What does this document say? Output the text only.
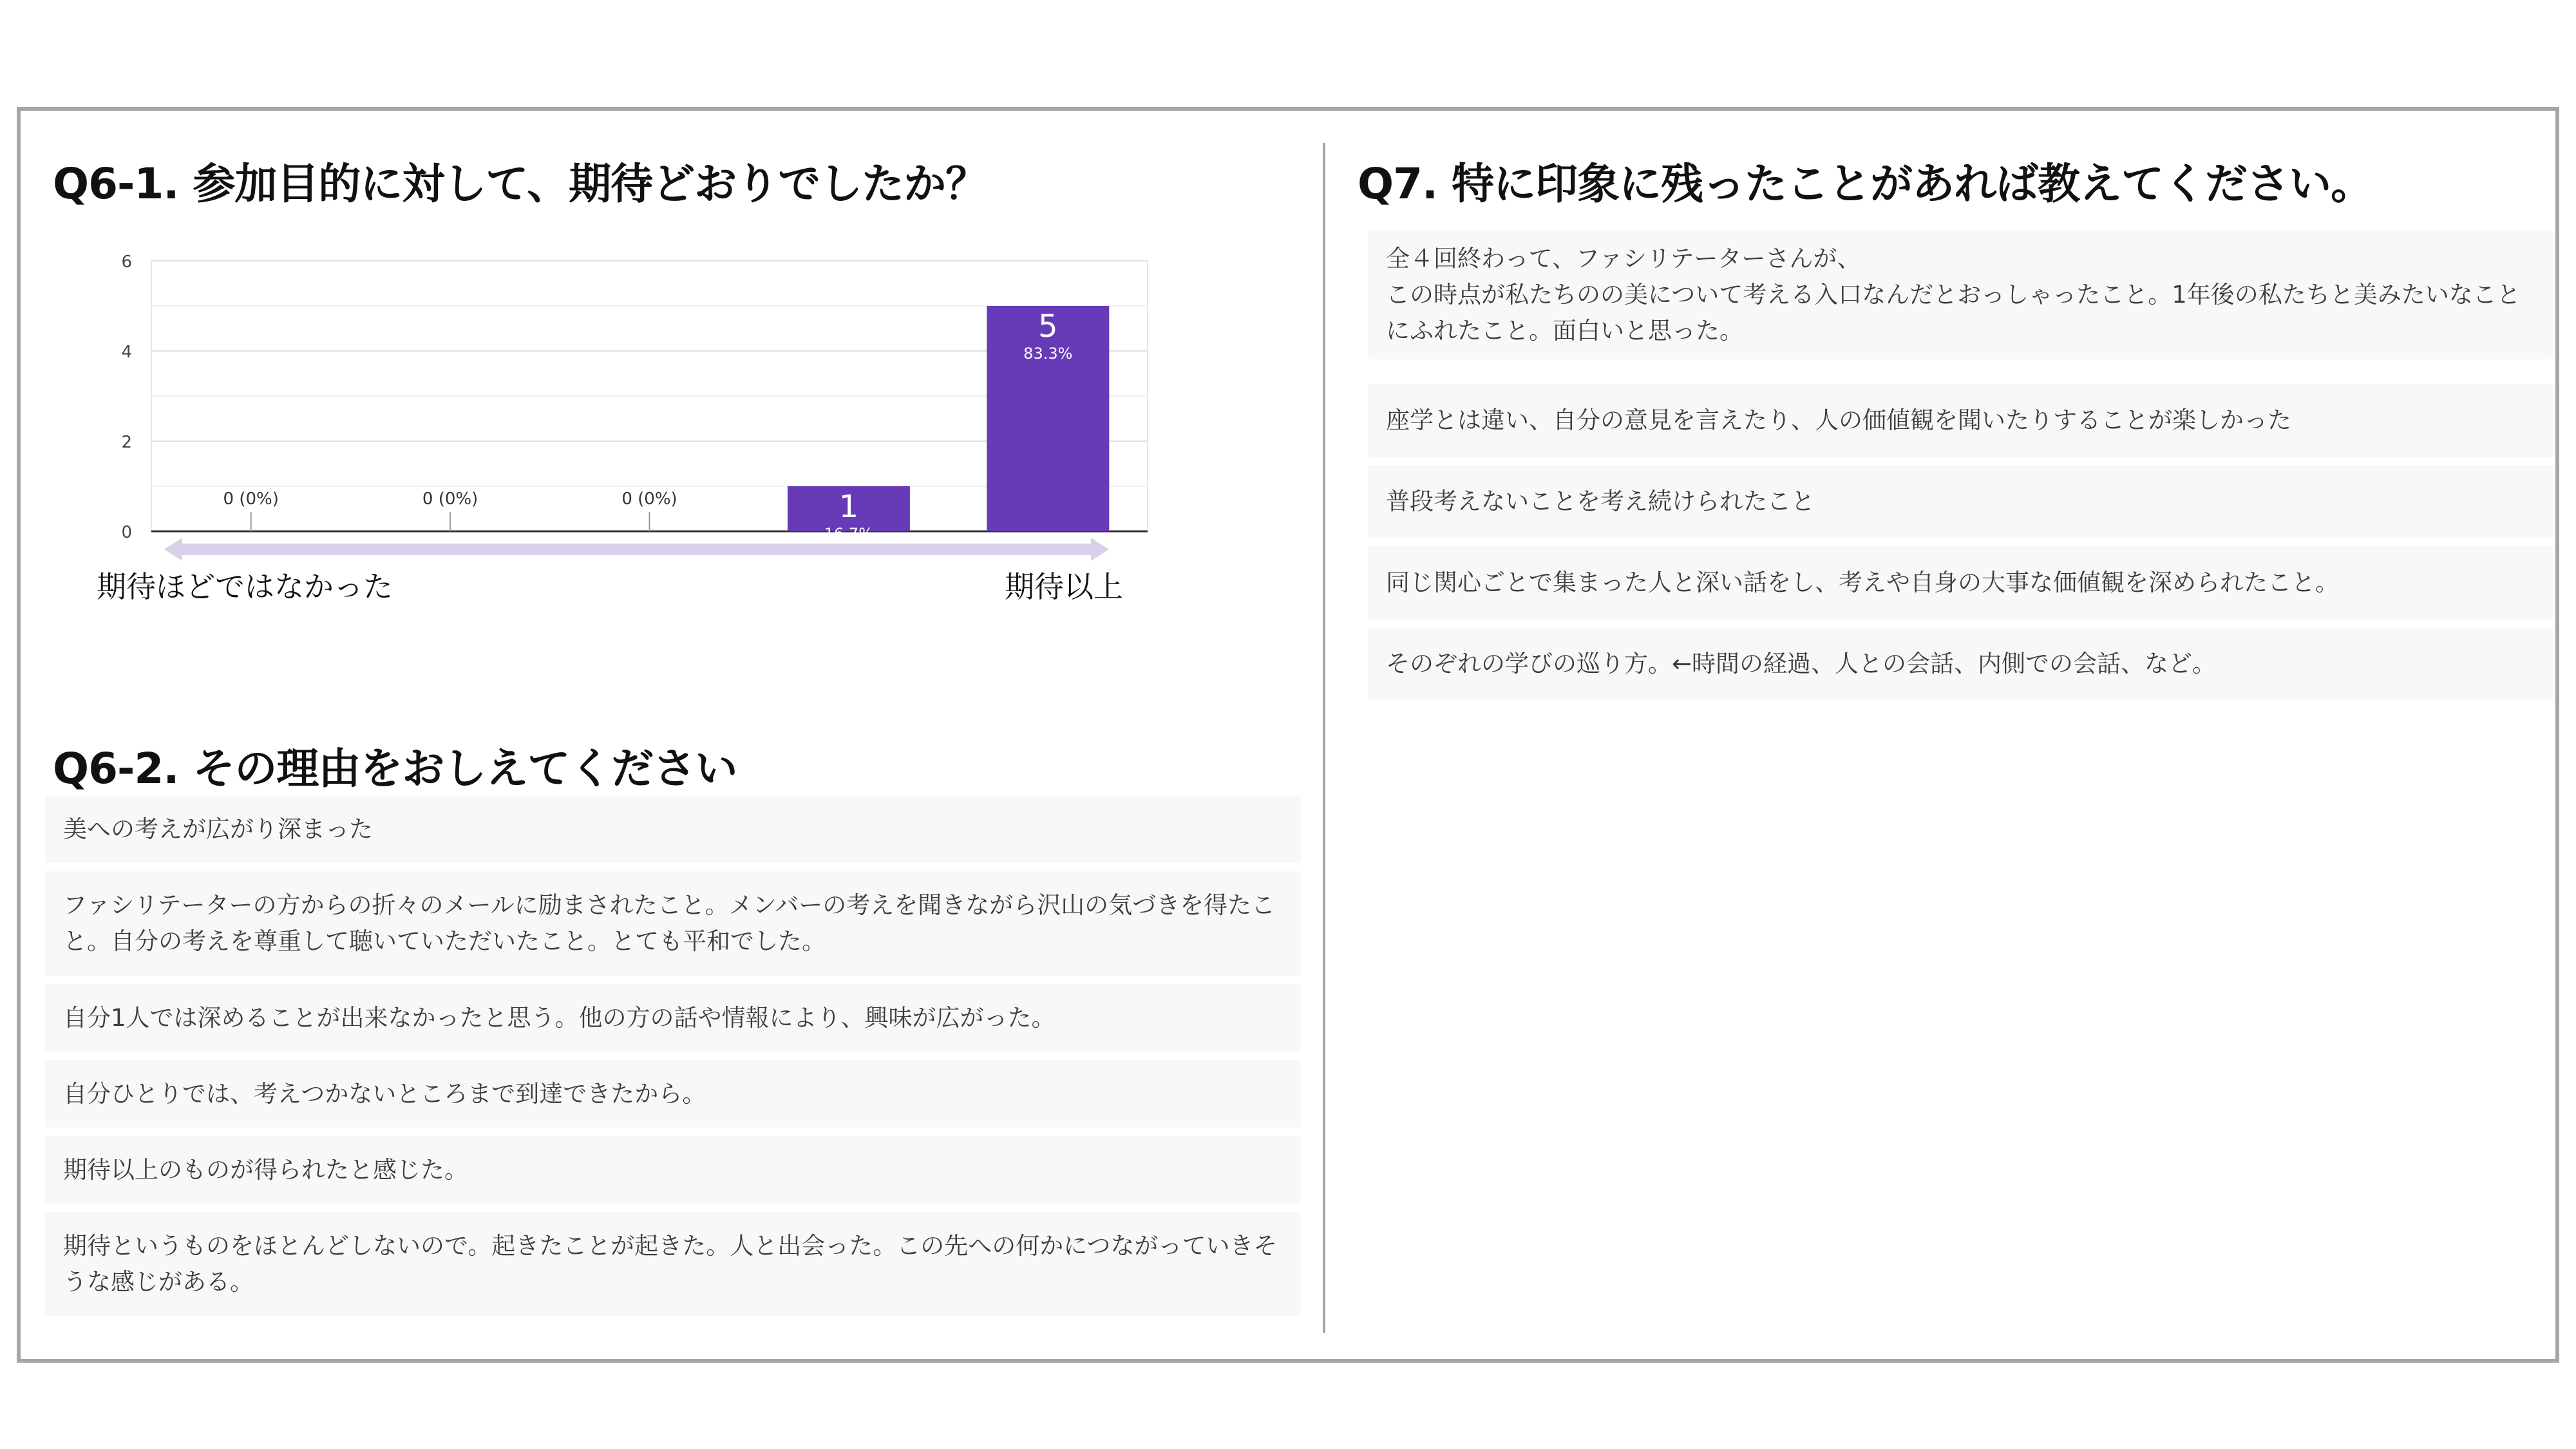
Q6-1. 参加目的に対して、期待どおりでしたか？
0
2
4
6
0 (0%)	0 (0%)	0 (0%)	1
16.7%
5
83.3%
期待ほどではなかった	期待以上
Q6-2. その理由をおしえてください
美への考えが広がり深まった
ファシリテーターの方からの折々のメールに励まされたこと。メンバーの考えを聞きながら沢山の気づきを得たこと。自分の考えを尊重して聴いていただいたこと。とても平和でした。
自分1人では深めることが出来なかったと思う。他の方の話や情報により、興味が広がった。
自分ひとりでは、考えつかないところまで到達できたから。
期待以上のものが得られたと感じた。
期待というものをほとんどしないので。起きたことが起きた。人と出会った。この先への何かにつながっていきそうな感じがある。
Q7. 特に印象に残ったことがあれば教えてください。
全４回終わって、ファシリテーターさんが、
この時点が私たちのの美について考える入口なんだとおっしゃったこと。1年後の私たちと美みたいなことにふれたこと。面白いと思った。
座学とは違い、自分の意見を言えたり、人の価値観を聞いたりすることが楽しかった
普段考えないことを考え続けられたこと
同じ関心ごとで集まった人と深い話をし、考えや自身の大事な価値観を深められたこと。
そのぞれの学びの巡り方。←時間の経過、人との会話、内側での会話、など。
